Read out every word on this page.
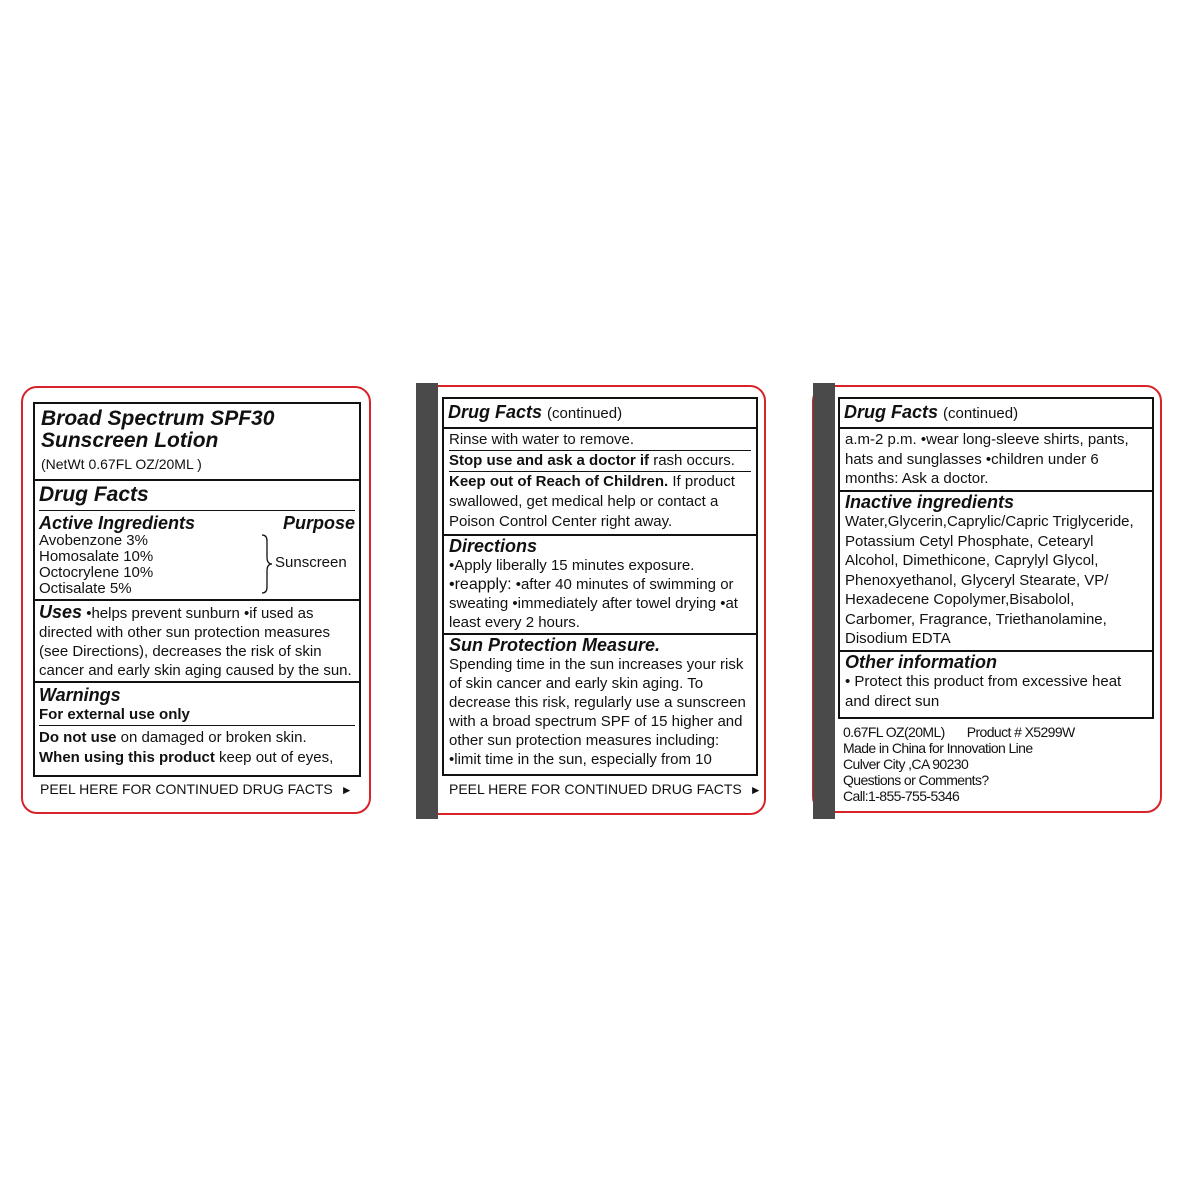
Broad Spectrum SPF30
Sunscreen Lotion
(NetWt 0.67FL OZ/20ML )
Drug Facts
Active Ingredients	Purpose
Avobenzone 3%
Homosalate 10%
Octocrylene 10%
Octisalate 5%
Sunscreen
Uses •helps prevent sunburn •if used as directed with other sun protection measures (see Directions), decreases the risk of skin cancer and early skin aging caused by the sun.
Warnings
For external use only
Do not use on damaged or broken skin.
When using this product keep out of eyes,
PEEL HERE FOR CONTINUED DRUG FACTS ►
Drug Facts (continued)
Rinse with water to remove.
Stop use and ask a doctor if rash occurs.
Keep out of Reach of Children. If product swallowed, get medical help or contact a Poison Control Center right away.
Directions
•Apply liberally 15 minutes exposure.
•reapply: •after 40 minutes of swimming or sweating •immediately after towel drying •at least every 2 hours.
Sun Protection Measure.
Spending time in the sun increases your risk of skin cancer and early skin aging. To decrease this risk, regularly use a sunscreen with a broad spectrum SPF of 15 higher and other sun protection measures including:
•limit time in the sun, especially from 10
PEEL HERE FOR CONTINUED DRUG FACTS ►
Drug Facts (continued)
a.m-2 p.m. •wear long-sleeve shirts, pants, hats and sunglasses •children under 6 months: Ask a doctor.
Inactive ingredients
Water,Glycerin,Caprylic/Capric Triglyceride, Potassium Cetyl Phosphate, Cetearyl Alcohol, Dimethicone, Caprylyl Glycol, Phenoxyethanol, Glyceryl Stearate, VP/ Hexadecene Copolymer,Bisabolol, Carbomer, Fragrance, Triethanolamine, Disodium EDTA
Other information
• Protect this product from excessive heat and direct sun
0.67FL OZ(20ML) Product # X5299W
Made in China for Innovation Line
Culver City ,CA 90230
Questions or Comments?
Call:1-855-755-5346
